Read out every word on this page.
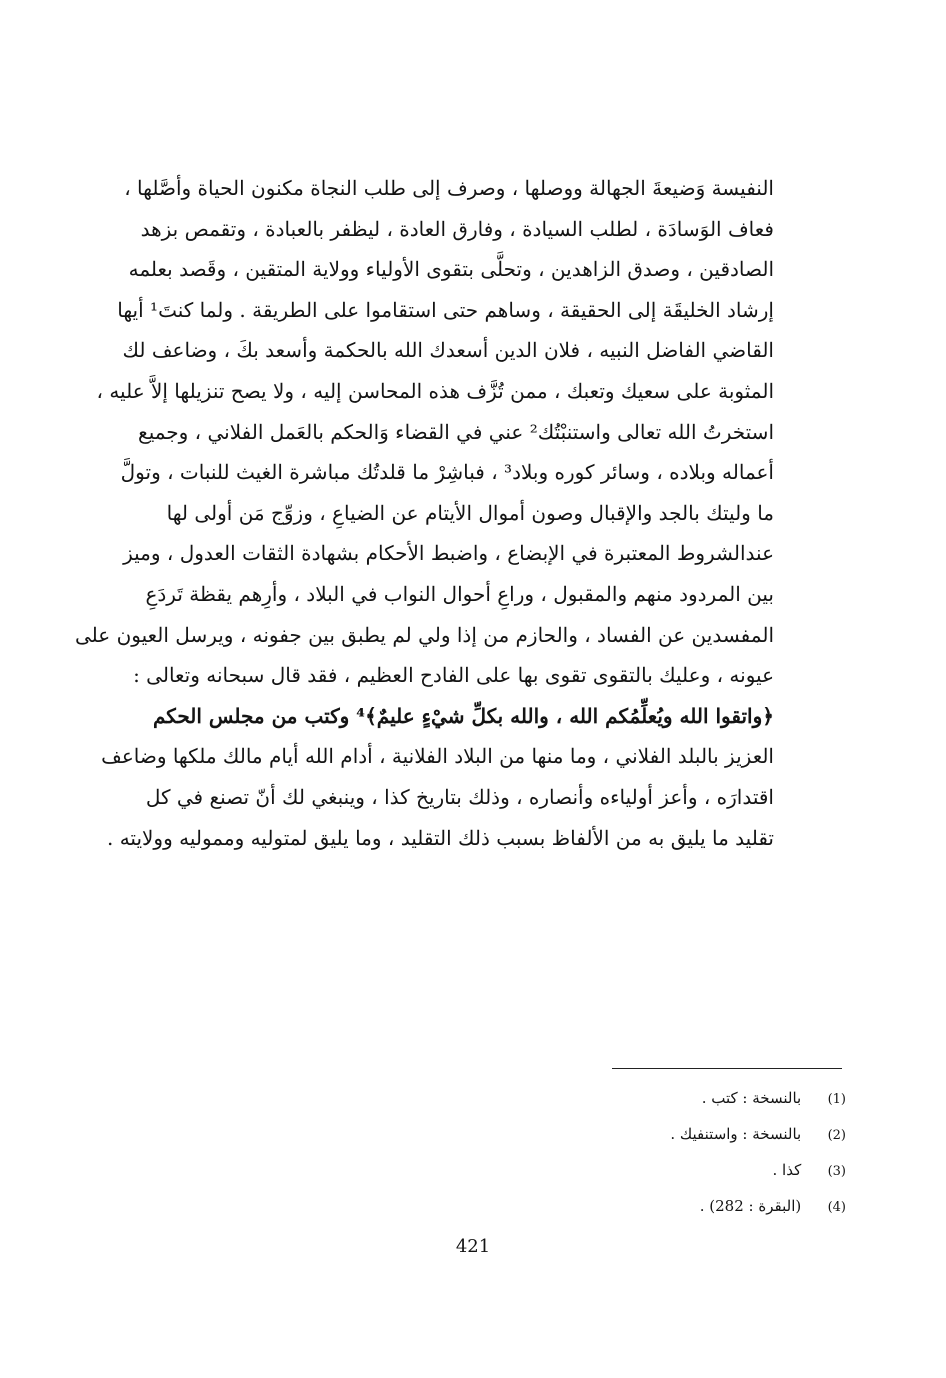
النفيسة وَضيعةَ الجهالة ووصلها ، وصرف إلى طلب النجاة مكنون الحياة وأصَّلها ،
فعاف الوَسادَة ، لطلب السيادة ، وفارق العادة ، ليظفر بالعبادة ، وتقمص بزهد
الصادقين ، وصدق الزاهدين ، وتحلَّى بتقوى الأولياء وولاية المتقين ، وقَصد بعلمه
إرشاد الخليقَة إلى الحقيقة ، وساهم حتى استقاموا على الطريقة . ولما كنتَ¹ أيها
القاضي الفاضل النبيه ، فلان الدين أسعدك الله بالحكمة وأسعد بكَ ، وضاعف لك
المثوبة على سعيك وتعبك ، ممن تُزَّف هذه المحاسن إليه ، ولا يصح تنزيلها إلاَّ عليه ،
استخرتُ الله تعالى واستنبْتُك² عني في القضاء وَالحكم بالعَمل الفلاني ، وجميع
أعماله وبلاده ، وسائر كوره وبلاد³ ، فباشِرْ ما قلدتُك مباشرة الغيث للنبات ، وتولَّ
ما وليتك بالجد والإقبال وصون أموال الأيتام عن الضياعِ ، وزوِّج مَن أولى لها
عندالشروط المعتبرة في الإبضاع ، واضبط الأحكام بشهادة الثقات العدول ، وميز
بين المردود منهم والمقبول ، وراعِ أحوال النواب في البلاد ، وأرِهم يقظة تَردَعِ
المفسدين عن الفساد ، والحازم من إذا ولي لم يطبق بين جفونه ، ويرسل العيون على
عيونه ، وعليك بالتقوى تقوى بها على الفادح العظيم ، فقد قال سبحانه وتعالى :
﴿واتقوا الله ويُعلِّمُكم الله ، والله بكلِّ شيْءٍ عليمٌ﴾⁴ وكتب من مجلس الحكم
العزيز بالبلد الفلاني ، وما منها من البلاد الفلانية ، أدام الله أيام مالك ملكها وضاعف
اقتدارَه ، وأعز أولياءه وأنصاره ، وذلك بتاريخ كذا ، وينبغي لك أنّ تصنع في كل
تقليد ما يليق به من الألفاظ بسبب ذلك التقليد ، وما يليق لمتوليه ومموليه وولايته .
(1) بالنسخة : كتب .
(2) بالنسخة : واستنفيك .
(3) كذا .
(4) (البقرة : 282) .
421
